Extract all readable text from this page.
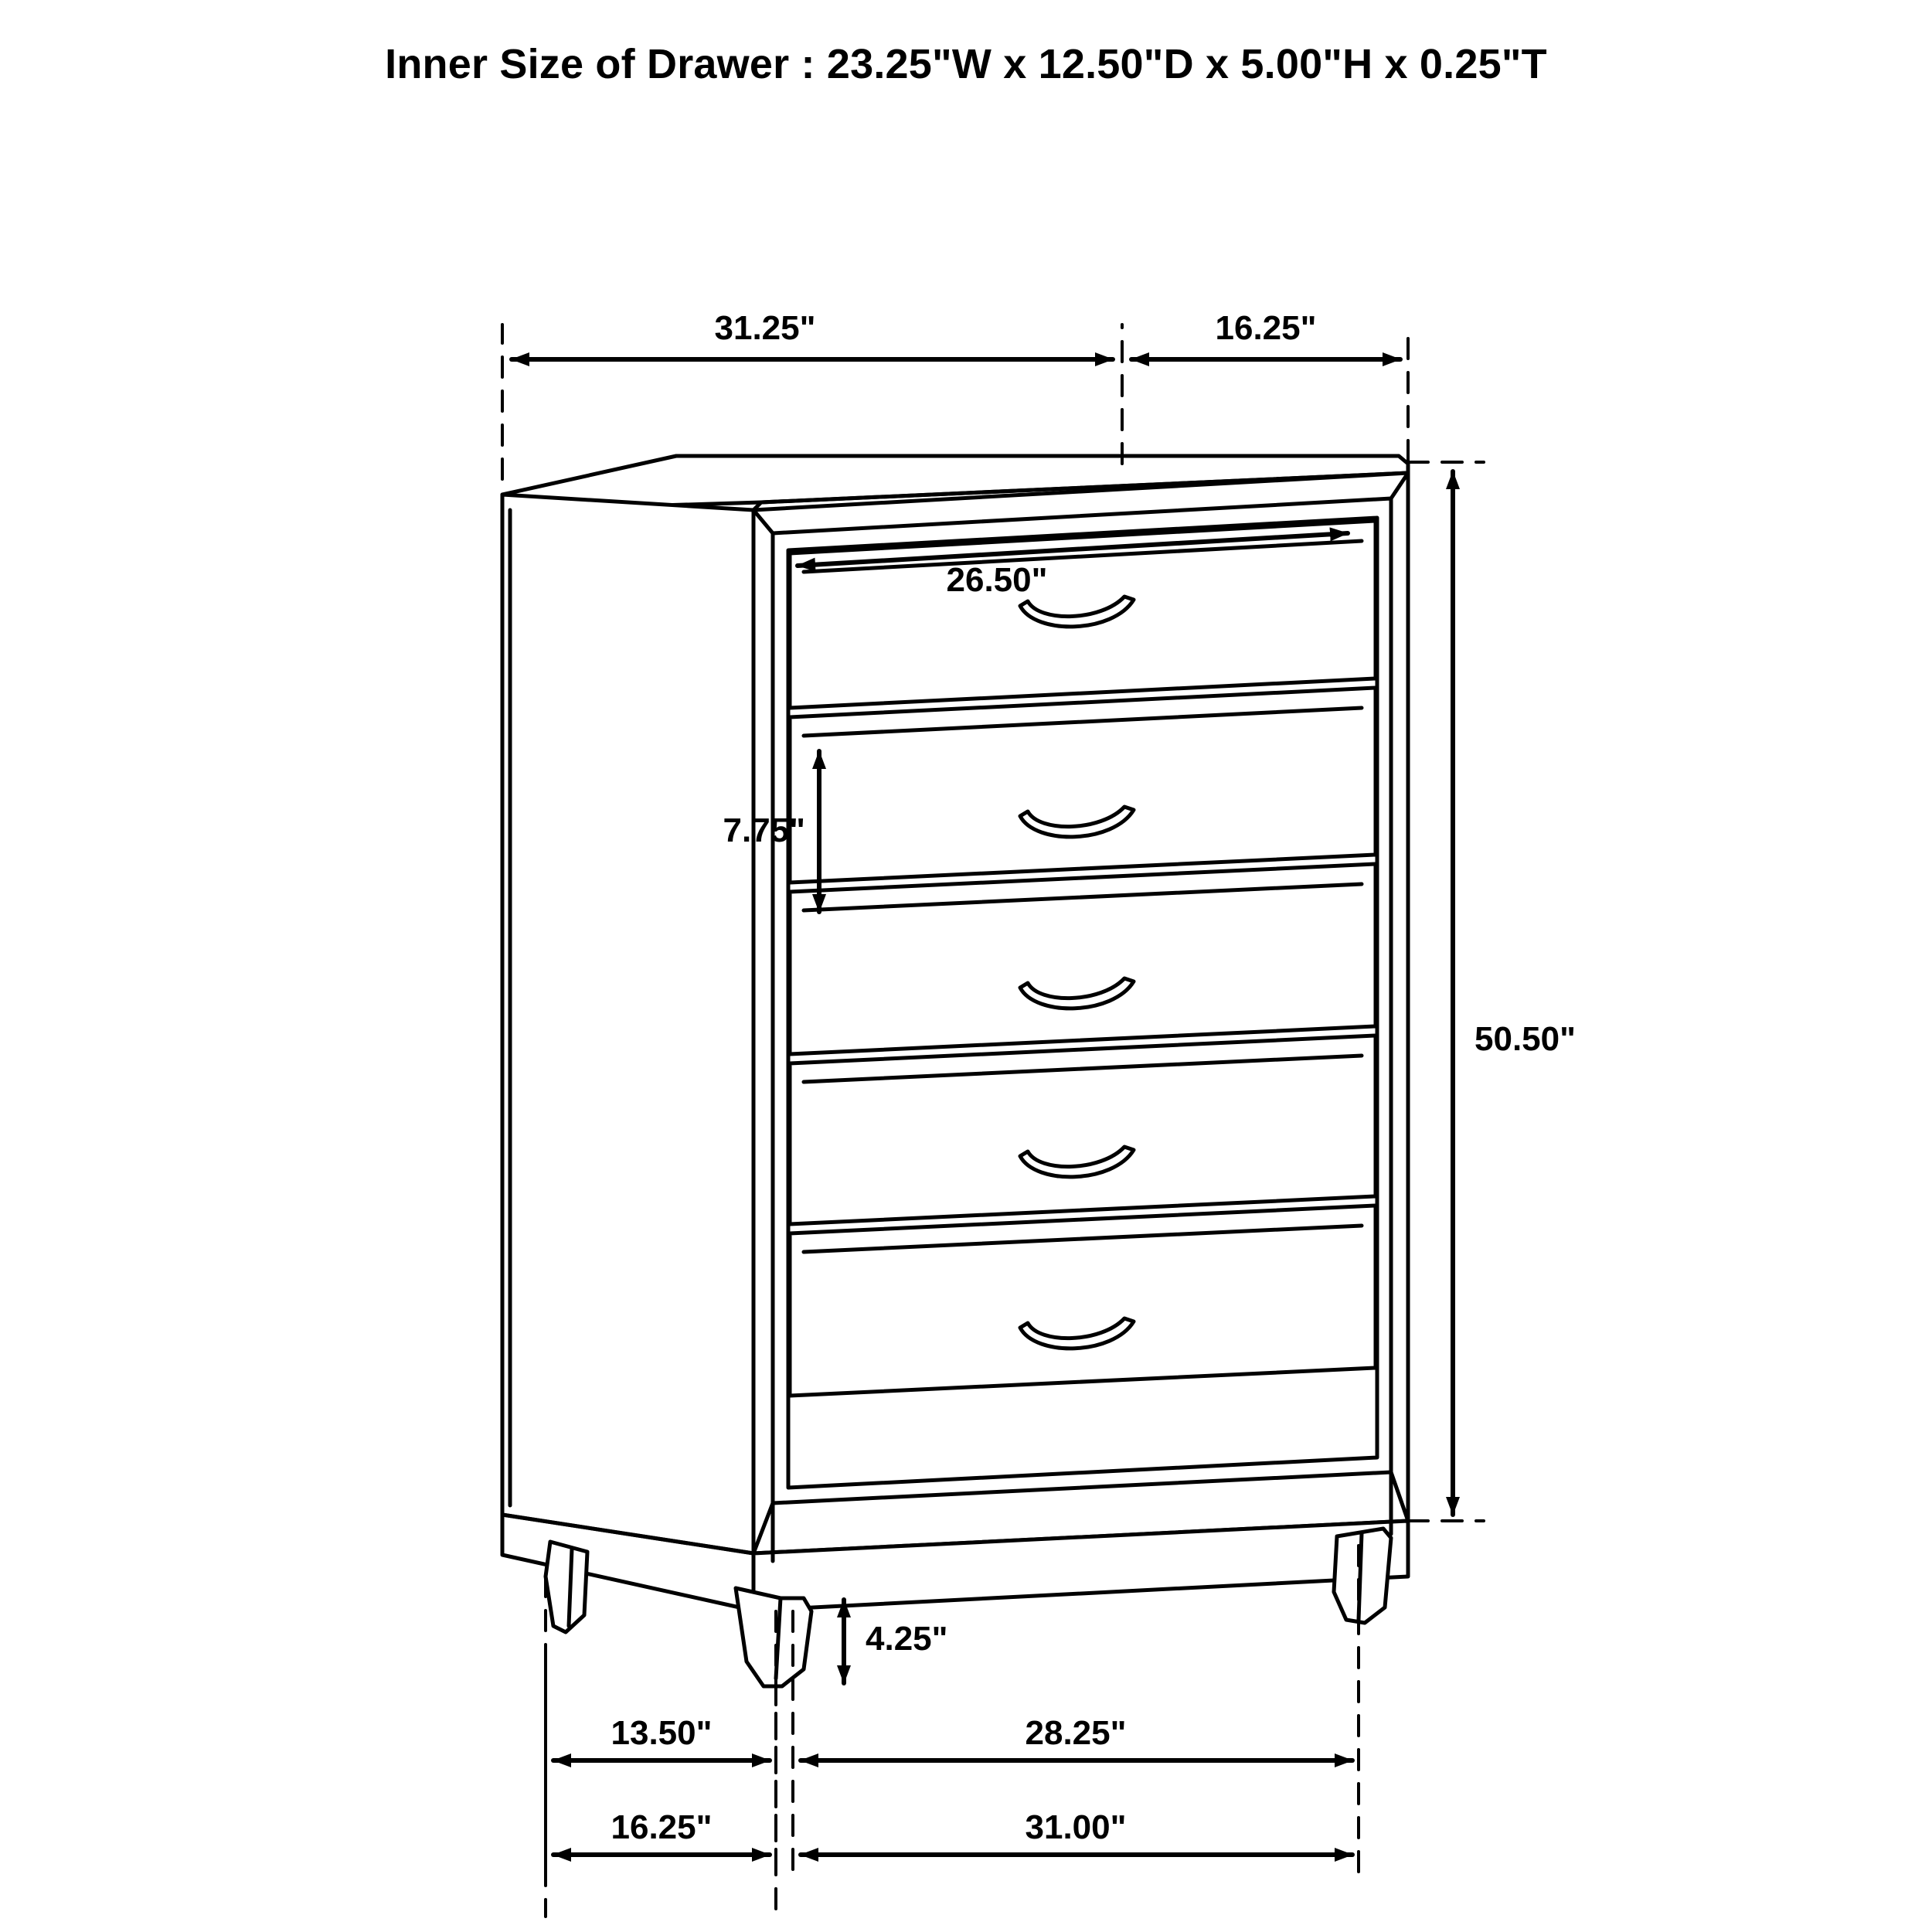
Inner Size of Drawer : 23.25"W x 12.50"D x 5.00"H x 0.25"T
31.25"	16.25"
26.50"
7.75"
50.50"
4.25"
13.50"	28.25"
16.25"	31.00"
